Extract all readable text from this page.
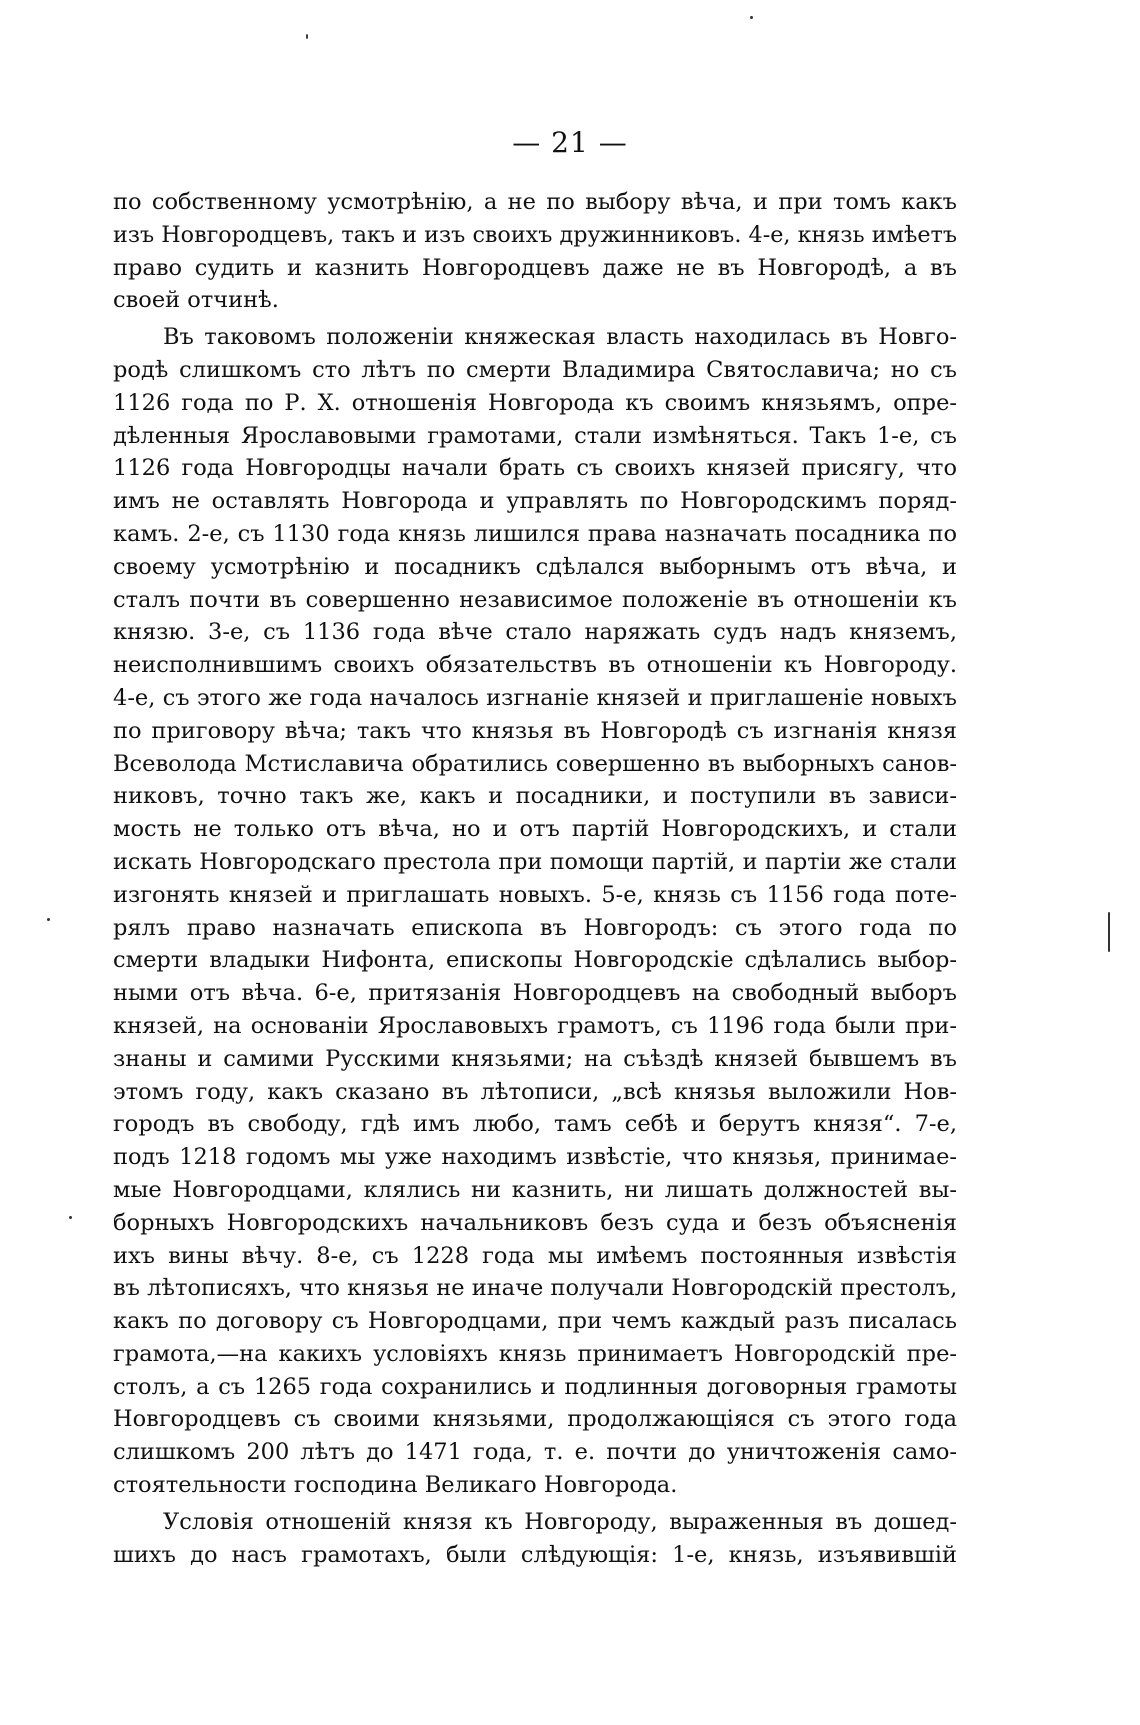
— 21 —
по собственному усмотрѣнію, а не по выбору вѣча, и при томъ какъ
изъ Новгородцевъ, такъ и изъ своихъ дружинниковъ. 4-е, князь имѣетъ
право судить и казнить Новгородцевъ даже не въ Новгородѣ, а въ
своей отчинѣ.
Въ таковомъ положеніи княжеская власть находилась въ Новго-
родѣ слишкомъ сто лѣтъ по смерти Владимира Святославича; но съ
1126 года по Р. Х. отношенія Новгорода къ своимъ князьямъ, опре-
дѣленныя Ярославовыми грамотами, стали измѣняться. Такъ 1-е, съ
1126 года Новгородцы начали брать съ своихъ князей присягу, что
имъ не оставлять Новгорода и управлять по Новгородскимъ поряд-
камъ. 2-е, съ 1130 года князь лишился права назначать посадника по
своему усмотрѣнію и посадникъ сдѣлался выборнымъ отъ вѣча, и
сталъ почти въ совершенно независимое положеніе въ отношеніи къ
князю. 3-е, съ 1136 года вѣче стало наряжать судъ надъ княземъ,
неисполнившимъ своихъ обязательствъ въ отношеніи къ Новгороду.
4-е, съ этого же года началось изгнаніе князей и приглашеніе новыхъ
по приговору вѣча; такъ что князья въ Новгородѣ съ изгнанія князя
Всеволода Мстиславича обратились совершенно въ выборныхъ санов-
никовъ, точно такъ же, какъ и посадники, и поступили въ зависи-
мость не только отъ вѣча, но и отъ партій Новгородскихъ, и стали
искать Новгородскаго престола при помощи партій, и партіи же стали
изгонять князей и приглашать новыхъ. 5-е, князь съ 1156 года поте-
рялъ право назначать епископа въ Новгородъ: съ этого года по
смерти владыки Нифонта, епископы Новгородскіе сдѣлались выбор-
ными отъ вѣча. 6-е, притязанія Новгородцевъ на свободный выборъ
князей, на основаніи Ярославовыхъ грамотъ, съ 1196 года были при-
знаны и самими Русскими князьями; на съѣздѣ князей бывшемъ въ
этомъ году, какъ сказано въ лѣтописи, „всѣ князья выложили Нов-
городъ въ свободу, гдѣ имъ любо, тамъ себѣ и берутъ князя“. 7-е,
подъ 1218 годомъ мы уже находимъ извѣстіе, что князья, принимае-
мые Новгородцами, клялись ни казнить, ни лишать должностей вы-
борныхъ Новгородскихъ начальниковъ безъ суда и безъ объясненія
ихъ вины вѣчу. 8-е, съ 1228 года мы имѣемъ постоянныя извѣстія
въ лѣтописяхъ, что князья не иначе получали Новгородскій престолъ,
какъ по договору съ Новгородцами, при чемъ каждый разъ писалась
грамота,—на какихъ условіяхъ князь принимаетъ Новгородскій пре-
столъ, а съ 1265 года сохранились и подлинныя договорныя грамоты
Новгородцевъ съ своими князьями, продолжающіяся съ этого года
слишкомъ 200 лѣтъ до 1471 года, т. е. почти до уничтоженія само-
стоятельности господина Великаго Новгорода.
Условія отношеній князя къ Новгороду, выраженныя въ дошед-
шихъ до насъ грамотахъ, были слѣдующія: 1-е, князь, изъявившій
